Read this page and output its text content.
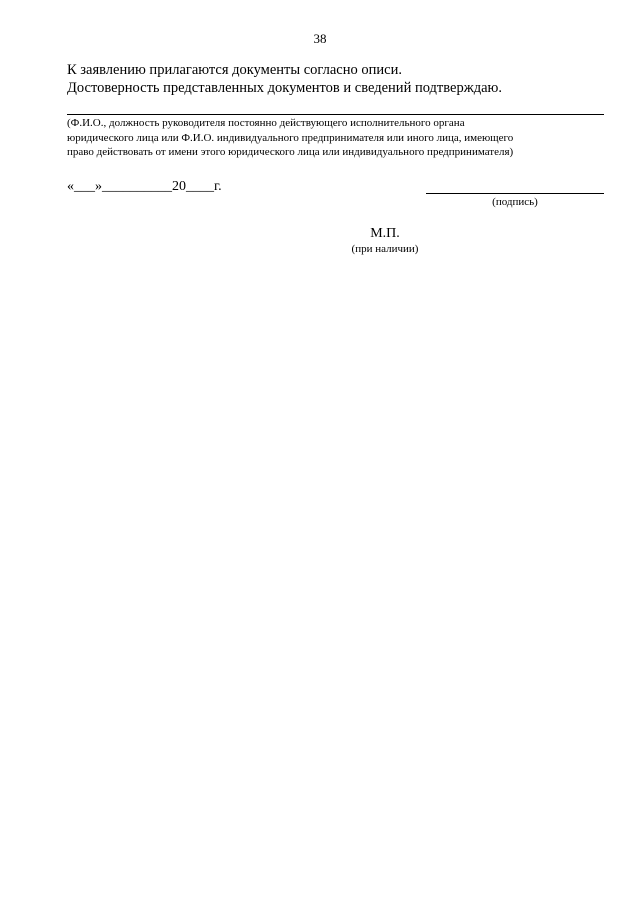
38
К заявлению прилагаются документы согласно описи.
Достоверность представленных документов и сведений подтверждаю.
(Ф.И.О., должность руководителя постоянно действующего исполнительного органа
юридического лица или Ф.И.О. индивидуального предпринимателя или иного лица, имеющего
право действовать от имени этого юридического лица или индивидуального предпринимателя)
«___»__________20____г.
(подпись)
М.П.
(при наличии)
